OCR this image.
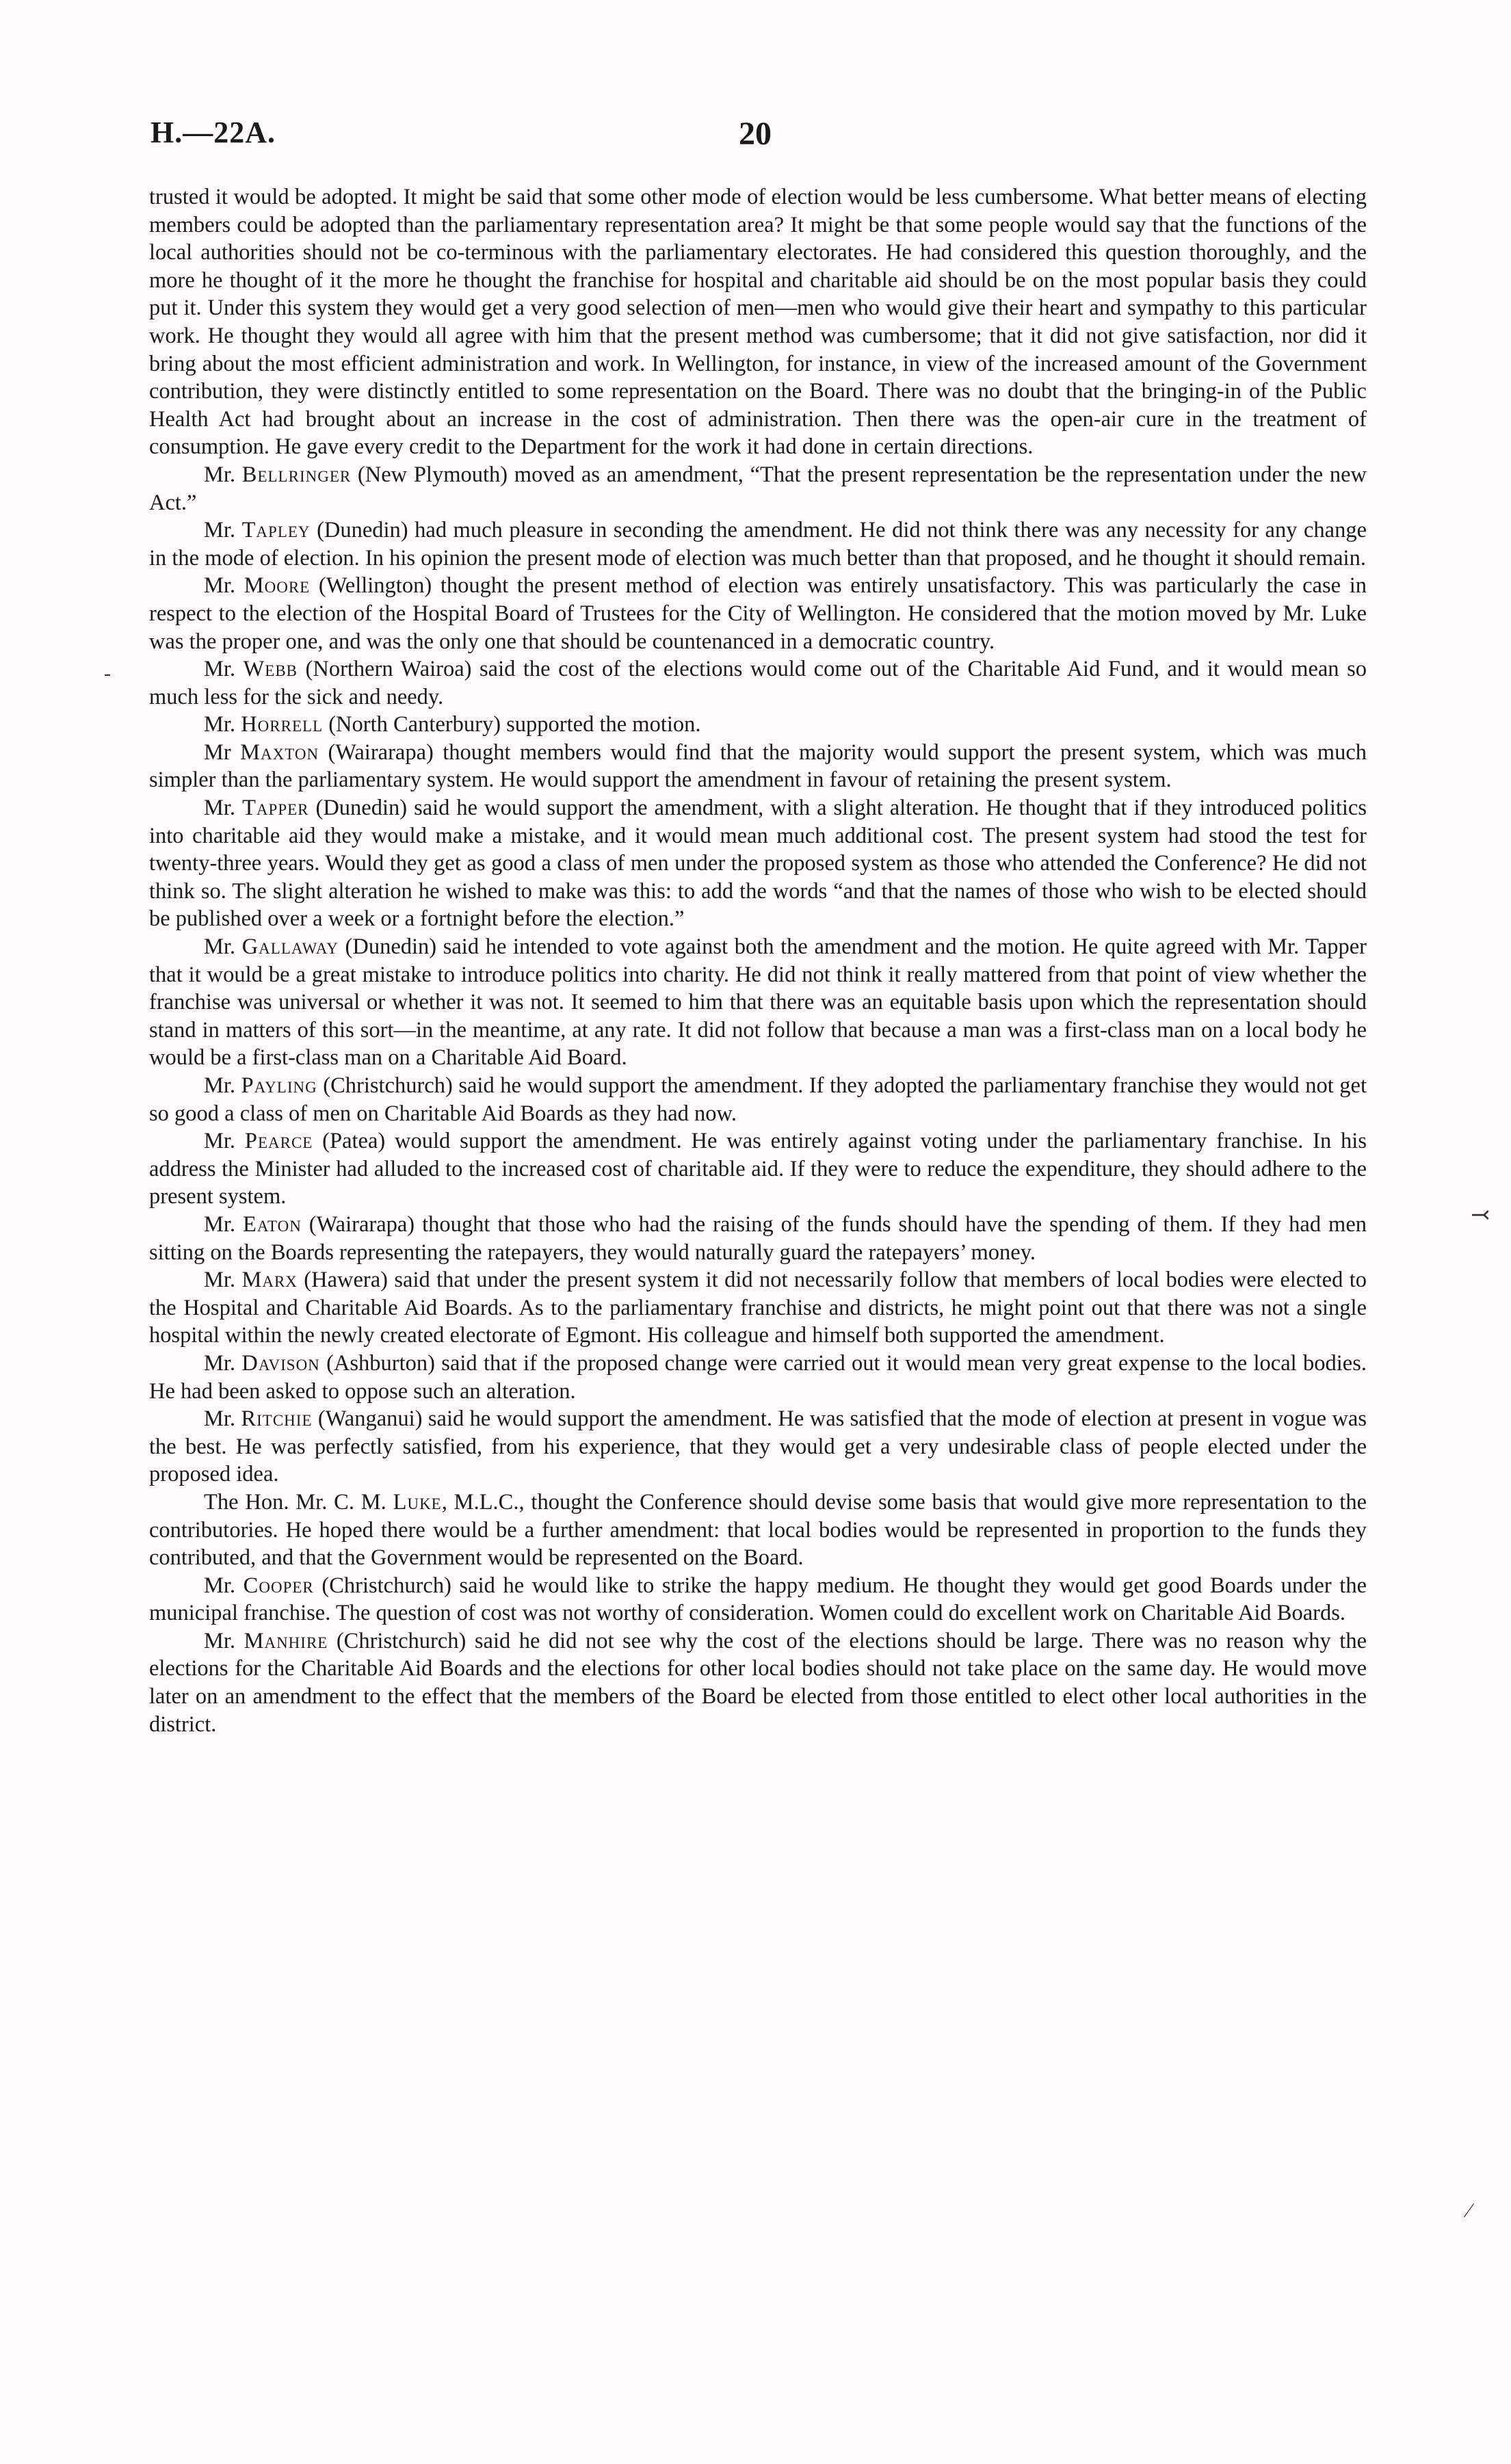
H.—22A.	20

trusted it would be adopted. It might be said that some other mode of election would be less cumbersome. What better means of electing members could be adopted than the parliamentary representation area? It might be that some people would say that the functions of the local authorities should not be co-terminous with the parliamentary electorates. He had considered this question thoroughly, and the more he thought of it the more he thought the franchise for hospital and charitable aid should be on the most popular basis they could put it. Under this system they would get a very good selection of men—men who would give their heart and sympathy to this particular work. He thought they would all agree with him that the present method was cumbersome; that it did not give satisfaction, nor did it bring about the most efficient administration and work. In Wellington, for instance, in view of the increased amount of the Government contribution, they were distinctly entitled to some representation on the Board. There was no doubt that the bringing-in of the Public Health Act had brought about an increase in the cost of administration. Then there was the open-air cure in the treatment of consumption. He gave every credit to the Department for the work it had done in certain directions.

Mr. Bellringer (New Plymouth) moved as an amendment, “That the present representation be the representation under the new Act.”

Mr. Tapley (Dunedin) had much pleasure in seconding the amendment. He did not think there was any necessity for any change in the mode of election. In his opinion the present mode of election was much better than that proposed, and he thought it should remain.

Mr. Moore (Wellington) thought the present method of election was entirely unsatisfactory. This was particularly the case in respect to the election of the Hospital Board of Trustees for the City of Wellington. He considered that the motion moved by Mr. Luke was the proper one, and was the only one that should be countenanced in a democratic country.

Mr. Webb (Northern Wairoa) said the cost of the elections would come out of the Charitable Aid Fund, and it would mean so much less for the sick and needy.

Mr. Horrell (North Canterbury) supported the motion.

Mr Maxton (Wairarapa) thought members would find that the majority would support the present system, which was much simpler than the parliamentary system. He would support the amendment in favour of retaining the present system.

Mr. Tapper (Dunedin) said he would support the amendment, with a slight alteration. He thought that if they introduced politics into charitable aid they would make a mistake, and it would mean much additional cost. The present system had stood the test for twenty-three years. Would they get as good a class of men under the proposed system as those who attended the Conference? He did not think so. The slight alteration he wished to make was this: to add the words “and that the names of those who wish to be elected should be published over a week or a fortnight before the election.”

Mr. Gallaway (Dunedin) said he intended to vote against both the amendment and the motion. He quite agreed with Mr. Tapper that it would be a great mistake to introduce politics into charity. He did not think it really mattered from that point of view whether the franchise was universal or whether it was not. It seemed to him that there was an equitable basis upon which the representation should stand in matters of this sort—in the meantime, at any rate. It did not follow that because a man was a first-class man on a local body he would be a first-class man on a Charitable Aid Board.

Mr. Payling (Christchurch) said he would support the amendment. If they adopted the parliamentary franchise they would not get so good a class of men on Charitable Aid Boards as they had now.

Mr. Pearce (Patea) would support the amendment. He was entirely against voting under the parliamentary franchise. In his address the Minister had alluded to the increased cost of charitable aid. If they were to reduce the expenditure, they should adhere to the present system.

Mr. Eaton (Wairarapa) thought that those who had the raising of the funds should have the spending of them. If they had men sitting on the Boards representing the ratepayers, they would naturally guard the ratepayers’ money.

Mr. Marx (Hawera) said that under the present system it did not necessarily follow that members of local bodies were elected to the Hospital and Charitable Aid Boards. As to the parliamentary franchise and districts, he might point out that there was not a single hospital within the newly created electorate of Egmont. His colleague and himself both supported the amendment.

Mr. Davison (Ashburton) said that if the proposed change were carried out it would mean very great expense to the local bodies. He had been asked to oppose such an alteration.

Mr. Ritchie (Wanganui) said he would support the amendment. He was satisfied that the mode of election at present in vogue was the best. He was perfectly satisfied, from his experience, that they would get a very undesirable class of people elected under the proposed idea.

The Hon. Mr. C. M. Luke, M.L.C., thought the Conference should devise some basis that would give more representation to the contributories. He hoped there would be a further amendment: that local bodies would be represented in proportion to the funds they contributed, and that the Government would be represented on the Board.

Mr. Cooper (Christchurch) said he would like to strike the happy medium. He thought they would get good Boards under the municipal franchise. The question of cost was not worthy of consideration. Women could do excellent work on Charitable Aid Boards.

Mr. Manhire (Christchurch) said he did not see why the cost of the elections should be large. There was no reason why the elections for the Charitable Aid Boards and the elections for other local bodies should not take place on the same day. He would move later on an amendment to the effect that the members of the Board be elected from those entitled to elect other local authorities in the district.

-
⤙
⁄
